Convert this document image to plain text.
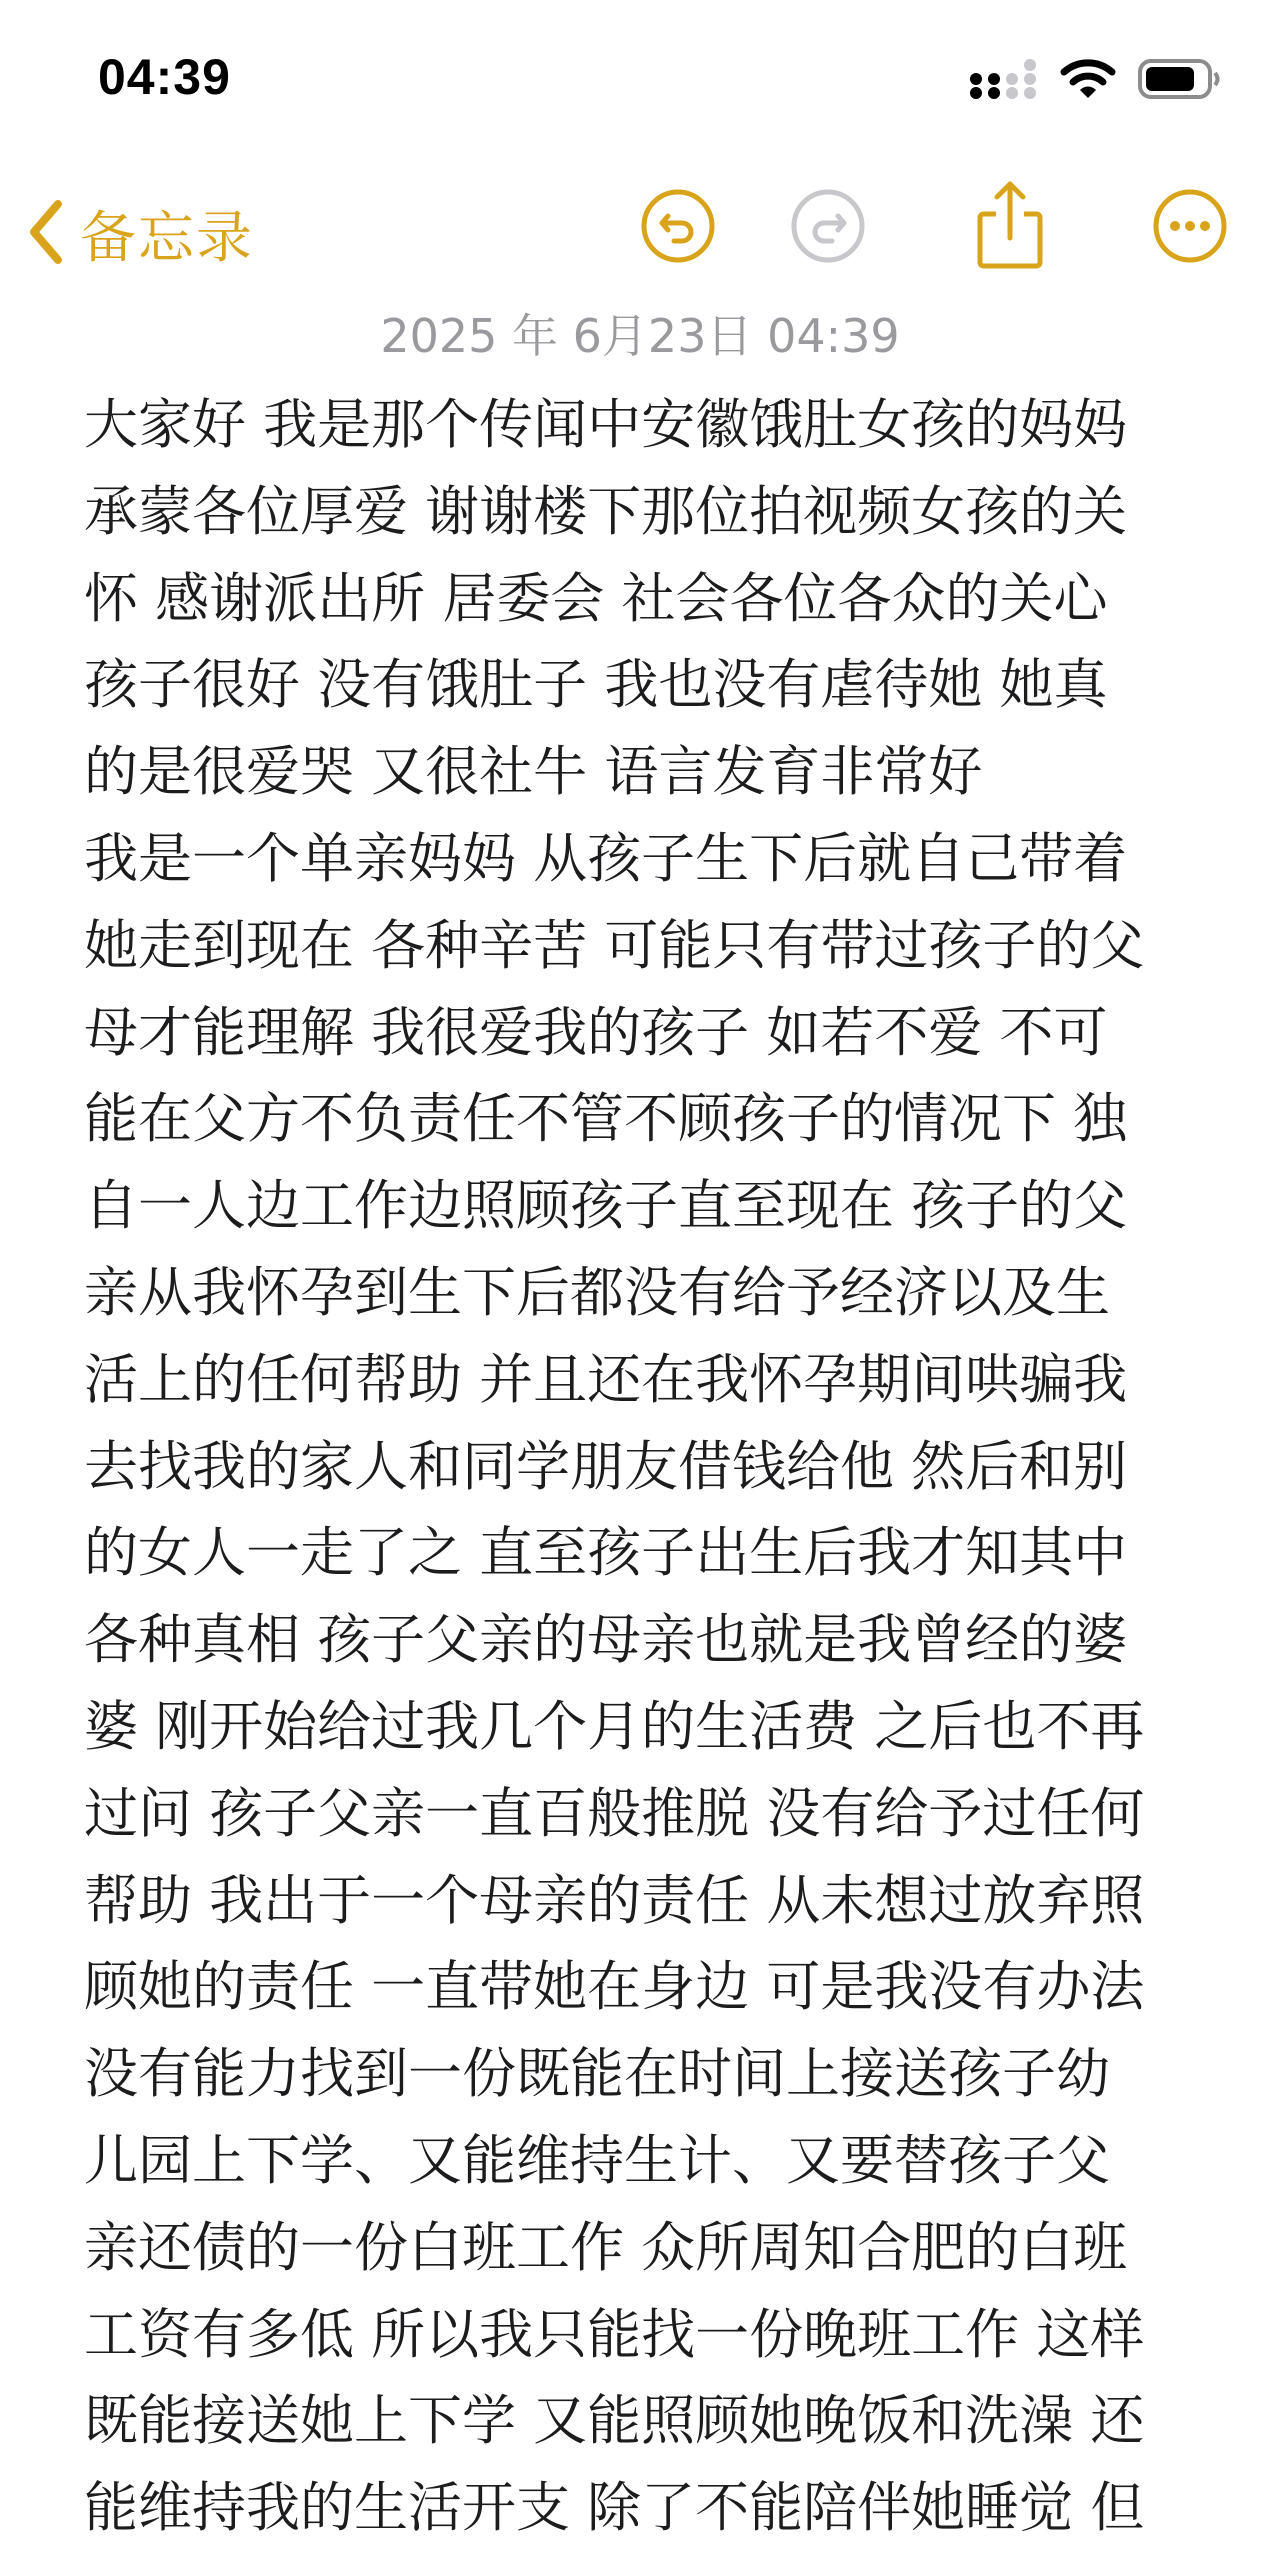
04:39
备忘录
2025 年 6月23日 04:39
大家好 我是那个传闻中安徽饿肚女孩的妈妈
承蒙各位厚爱 谢谢楼下那位拍视频女孩的关
怀 感谢派出所 居委会 社会各位各众的关心
孩子很好 没有饿肚子 我也没有虐待她 她真
的是很爱哭 又很社牛 语言发育非常好
我是一个单亲妈妈 从孩子生下后就自己带着
她走到现在 各种辛苦 可能只有带过孩子的父
母才能理解 我很爱我的孩子 如若不爱 不可
能在父方不负责任不管不顾孩子的情况下 独
自一人边工作边照顾孩子直至现在 孩子的父
亲从我怀孕到生下后都没有给予经济以及生
活上的任何帮助 并且还在我怀孕期间哄骗我
去找我的家人和同学朋友借钱给他 然后和别
的女人一走了之 直至孩子出生后我才知其中
各种真相 孩子父亲的母亲也就是我曾经的婆
婆 刚开始给过我几个月的生活费 之后也不再
过问 孩子父亲一直百般推脱 没有给予过任何
帮助 我出于一个母亲的责任 从未想过放弃照
顾她的责任 一直带她在身边 可是我没有办法
没有能力找到一份既能在时间上接送孩子幼
儿园上下学、又能维持生计、又要替孩子父
亲还债的一份白班工作 众所周知合肥的白班
工资有多低 所以我只能找一份晚班工作 这样
既能接送她上下学 又能照顾她晚饭和洗澡 还
能维持我的生活开支 除了不能陪伴她睡觉 但
